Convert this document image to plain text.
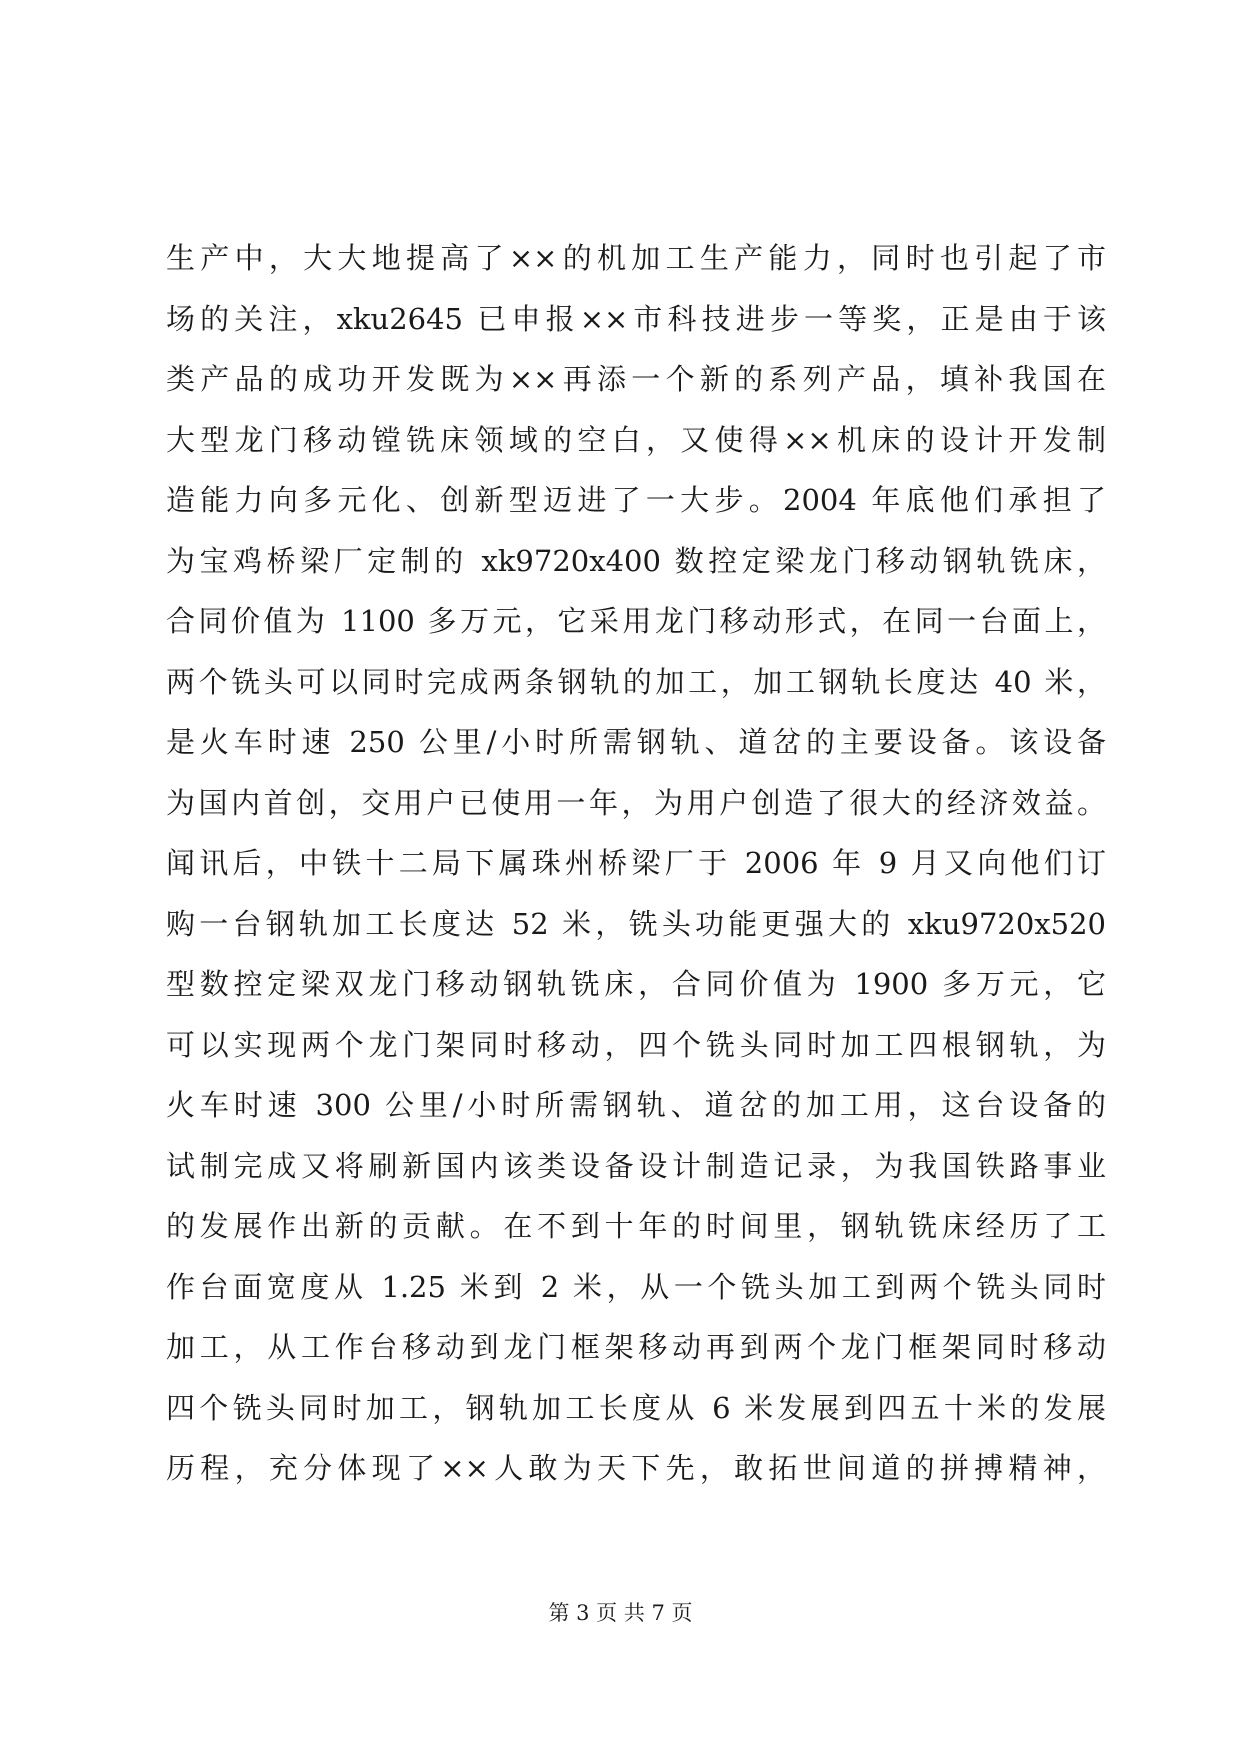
生产中，大大地提高了××的机加工生产能力，同时也引起了市
场的关注，xku2645 已申报××市科技进步一等奖，正是由于该
类产品的成功开发既为××再添一个新的系列产品，填补我国在
大型龙门移动镗铣床领域的空白，又使得××机床的设计开发制
造能力向多元化、创新型迈进了一大步。2004 年底他们承担了
为宝鸡桥梁厂定制的 xk9720x400 数控定梁龙门移动钢轨铣床，
合同价值为 1100 多万元，它采用龙门移动形式，在同一台面上，
两个铣头可以同时完成两条钢轨的加工，加工钢轨长度达 40 米，
是火车时速 250 公里/小时所需钢轨、道岔的主要设备。该设备
为国内首创，交用户已使用一年，为用户创造了很大的经济效益。
闻讯后，中铁十二局下属珠州桥梁厂于 2006 年 9 月又向他们订
购一台钢轨加工长度达 52 米，铣头功能更强大的 xku9720x520
型数控定梁双龙门移动钢轨铣床，合同价值为 1900 多万元，它
可以实现两个龙门架同时移动，四个铣头同时加工四根钢轨，为
火车时速 300 公里/小时所需钢轨、道岔的加工用，这台设备的
试制完成又将刷新国内该类设备设计制造记录，为我国铁路事业
的发展作出新的贡献。在不到十年的时间里，钢轨铣床经历了工
作台面宽度从 1.25 米到 2 米，从一个铣头加工到两个铣头同时
加工，从工作台移动到龙门框架移动再到两个龙门框架同时移动
四个铣头同时加工，钢轨加工长度从 6 米发展到四五十米的发展
历程，充分体现了××人敢为天下先，敢拓世间道的拼搏精神，
第 3 页 共 7 页
